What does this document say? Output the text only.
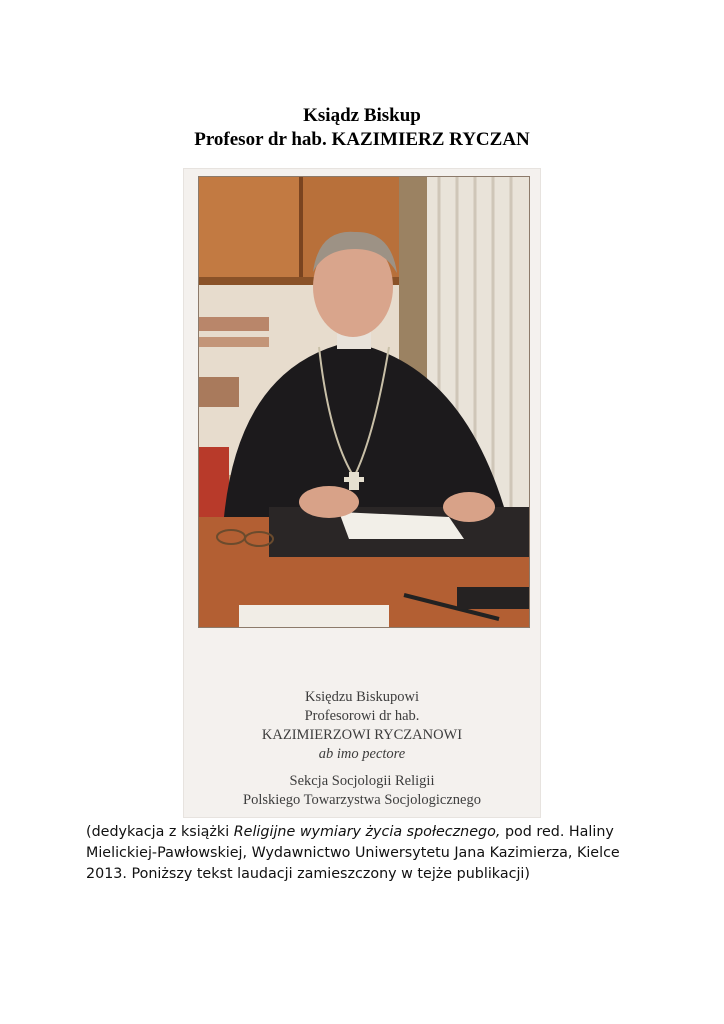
Ksiądz Biskup
Profesor dr hab. KAZIMIERZ RYCZAN
Księdzu Biskupowi
Profesorowi dr hab.
KAZIMIERZOWI RYCZANOWI
ab imo pectore
Sekcja Socjologii Religii
Polskiego Towarzystwa Socjologicznego
(dedykacja z książki Religijne wymiary życia społecznego, pod red. Haliny Mielickiej-Pawłowskiej, Wydawnictwo Uniwersytetu Jana Kazimierza, Kielce 2013. Poniższy tekst laudacji zamieszczony w tejże publikacji)
